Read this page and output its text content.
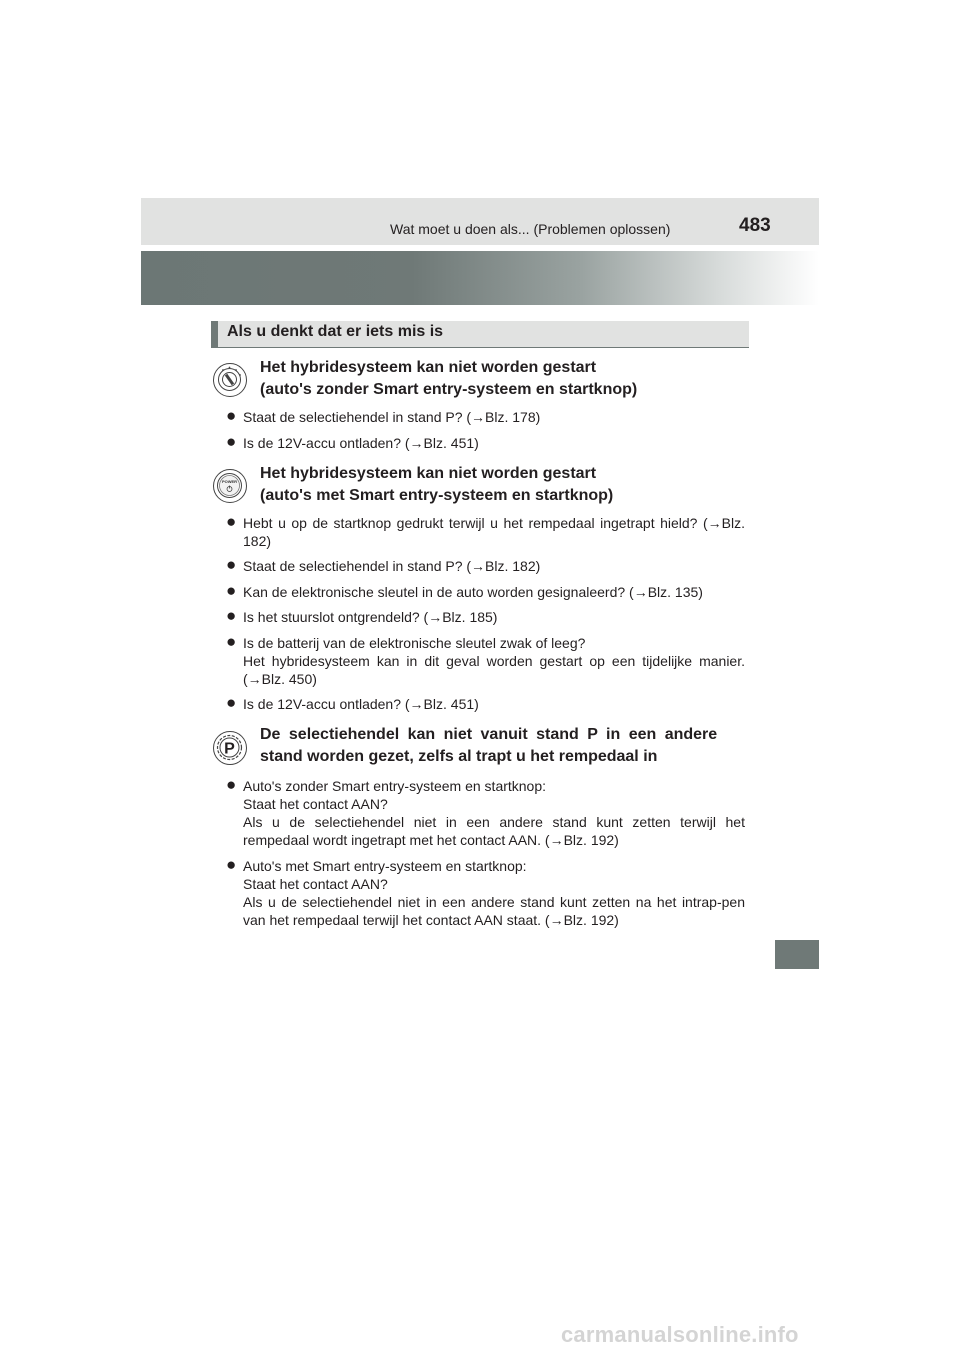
Wat moet u doen als... (Problemen oplossen)	483
Als u denkt dat er iets mis is
Het hybridesysteem kan niet worden gestart
(auto's zonder Smart entry-systeem en startknop)
● Staat de selectiehendel in stand P? (→Blz. 178)
● Is de 12V-accu ontladen? (→Blz. 451)
POWER Het hybridesysteem kan niet worden gestart
(auto's met Smart entry-systeem en startknop)
● Hebt u op de startknop gedrukt terwijl u het rempedaal ingetrapt hield? (→Blz. 182)
● Staat de selectiehendel in stand P? (→Blz. 182)
● Kan de elektronische sleutel in de auto worden gesignaleerd? (→Blz. 135)
● Is het stuurslot ontgrendeld? (→Blz. 185)
● Is de batterij van de elektronische sleutel zwak of leeg?
Het hybridesysteem kan in dit geval worden gestart op een tijdelijke manier. (→Blz. 450)
● Is de 12V-accu ontladen? (→Blz. 451)
P
De selectiehendel kan niet vanuit stand P in een andere
stand worden gezet, zelfs al trapt u het rempedaal in
● Auto's zonder Smart entry-systeem en startknop:
Staat het contact AAN?
Als u de selectiehendel niet in een andere stand kunt zetten terwijl het rempedaal wordt ingetrapt met het contact AAN. (→Blz. 192)
● Auto's met Smart entry-systeem en startknop:
Staat het contact AAN?
Als u de selectiehendel niet in een andere stand kunt zetten na het intrap-pen van het rempedaal terwijl het contact AAN staat. (→Blz. 192)
carmanualsonline.info
